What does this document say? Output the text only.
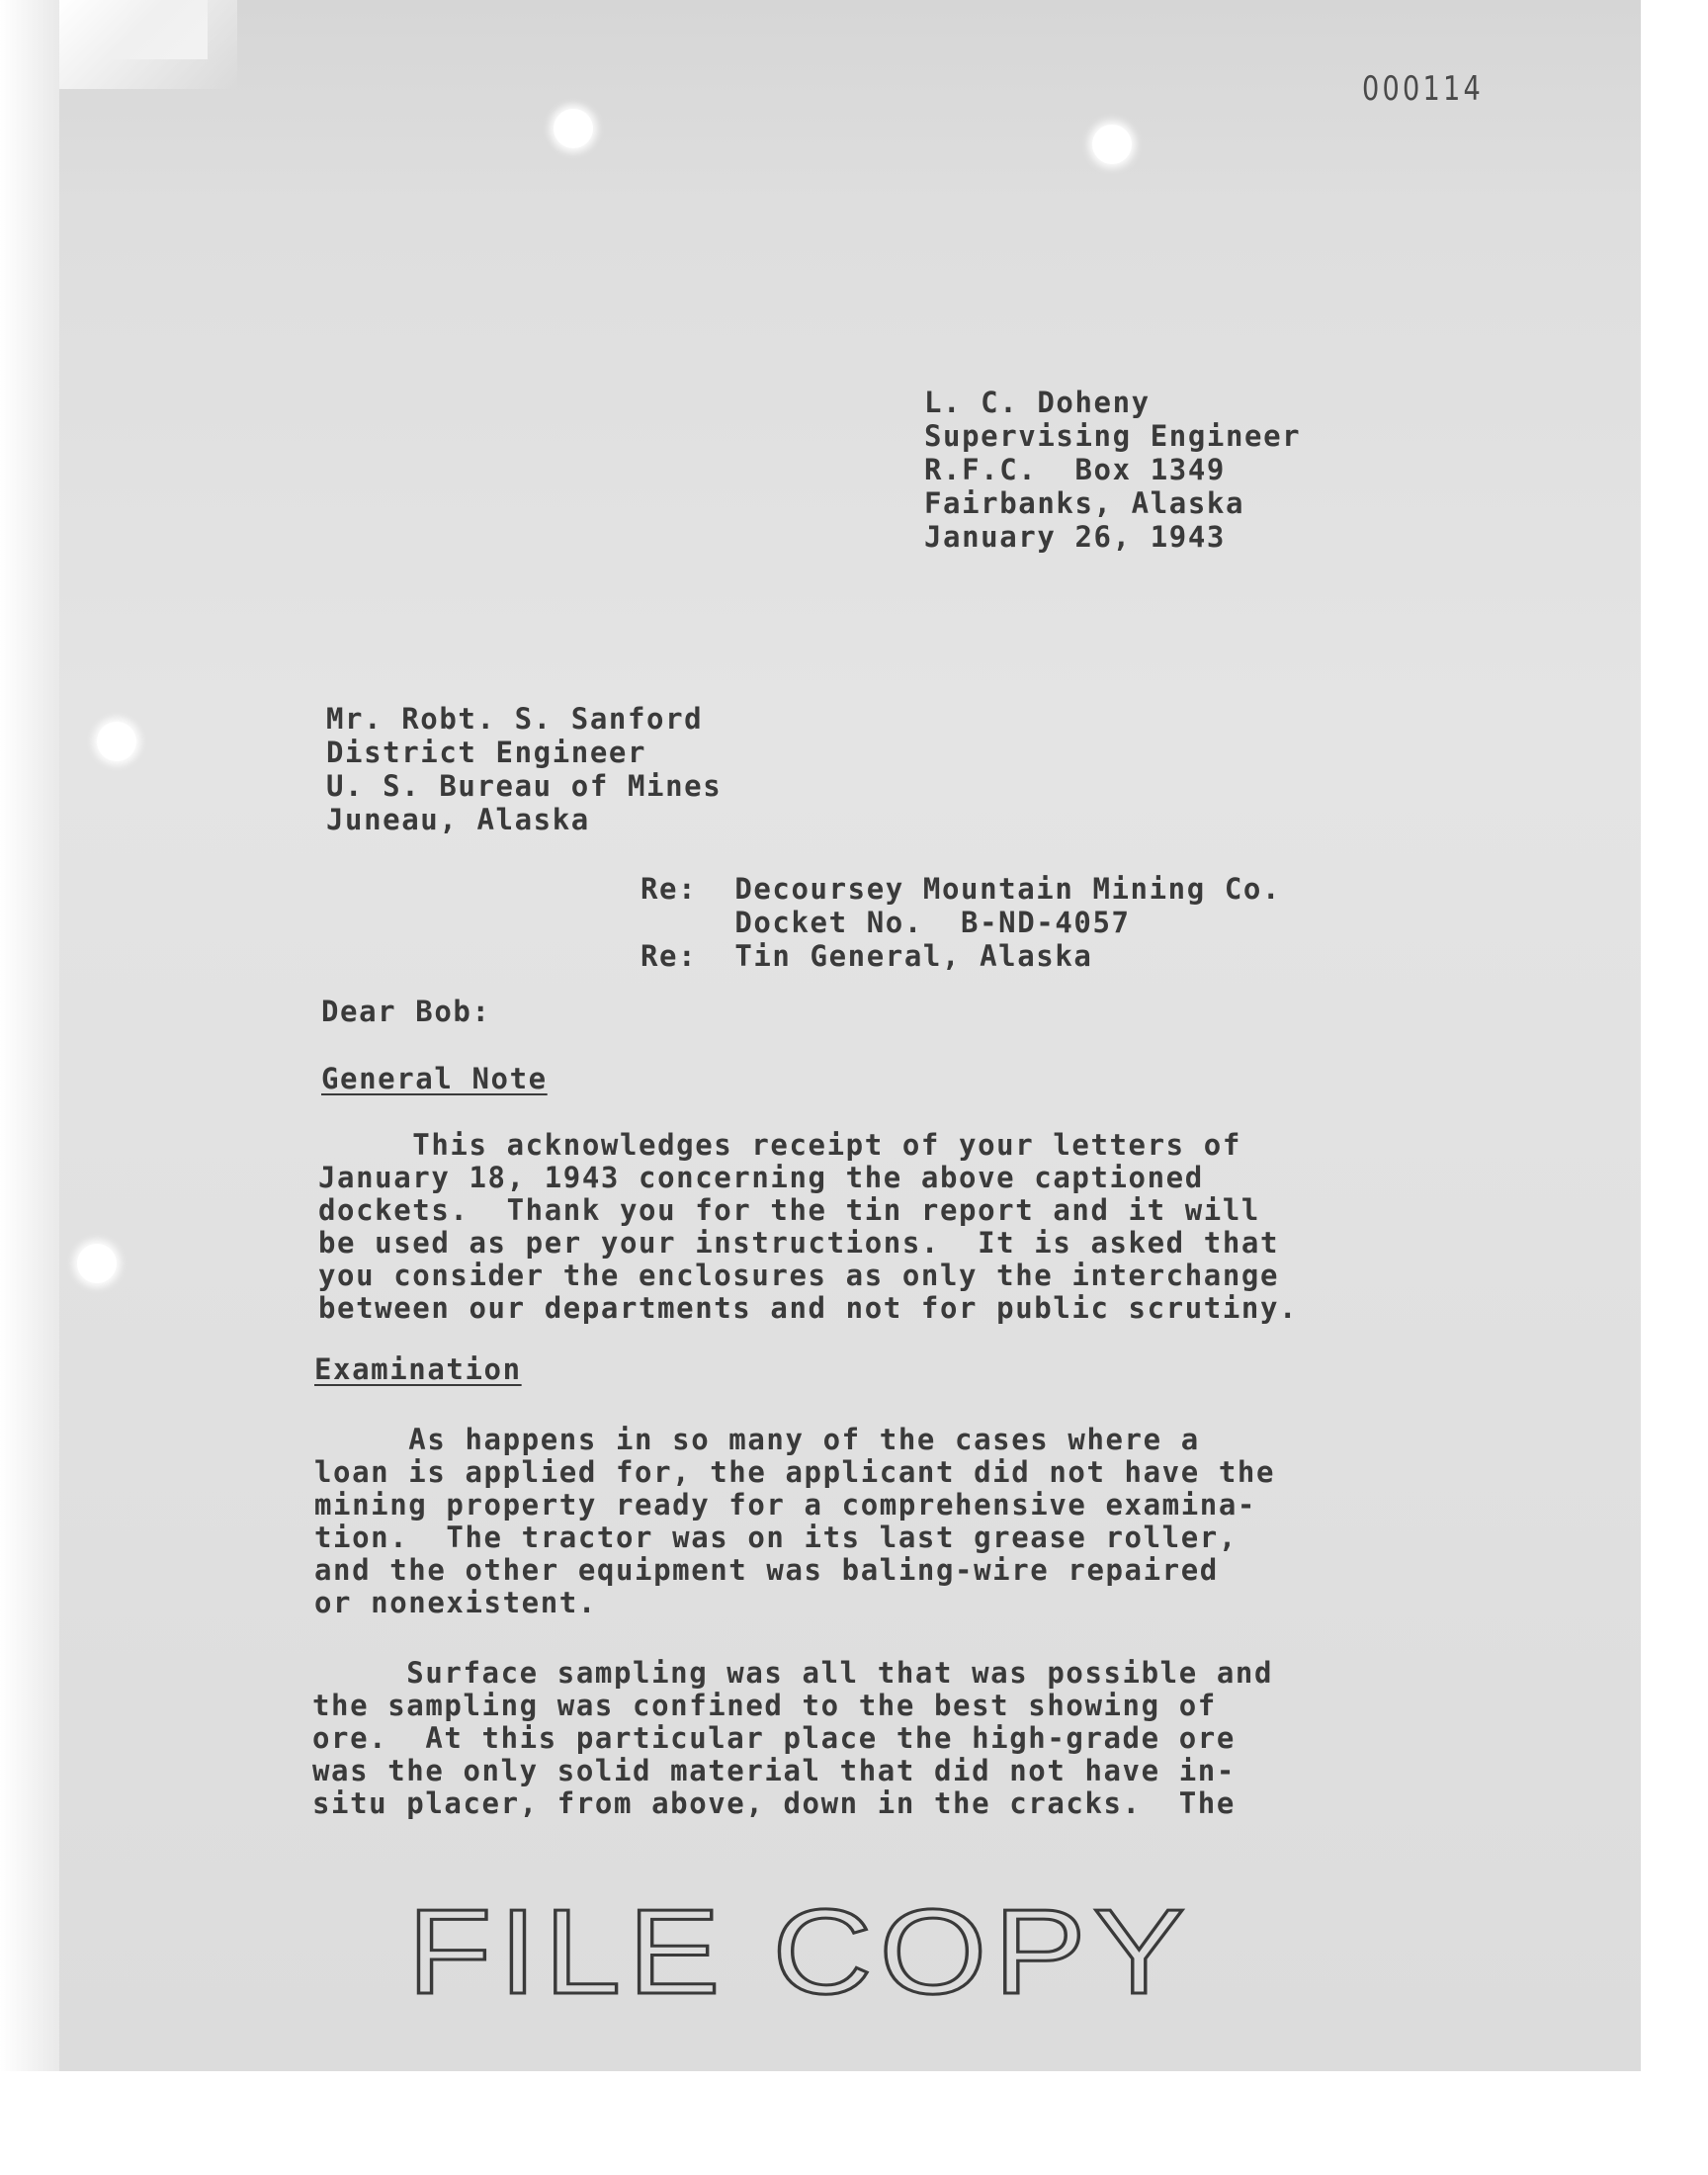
000114
L. C. Doheny
Supervising Engineer
R.F.C.  Box 1349
Fairbanks, Alaska
January 26, 1943
Mr. Robt. S. Sanford
District Engineer
U. S. Bureau of Mines
Juneau, Alaska
Re: Decoursey Mountain Mining Co.
Docket No.  B-ND-4057
Re: Tin General, Alaska
Dear Bob:
General Note
This acknowledges receipt of your letters of
January 18, 1943 concerning the above captioned
dockets.  Thank you for the tin report and it will
be used as per your instructions.  It is asked that
you consider the enclosures as only the interchange
between our departments and not for public scrutiny.
Examination
As happens in so many of the cases where a
loan is applied for, the applicant did not have the
mining property ready for a comprehensive examina-
tion.  The tractor was on its last grease roller,
and the other equipment was baling-wire repaired
or nonexistent.
Surface sampling was all that was possible and
the sampling was confined to the best showing of
ore.  At this particular place the high-grade ore
was the only solid material that did not have in-
situ placer, from above, down in the cracks.  The
FILE COPY
